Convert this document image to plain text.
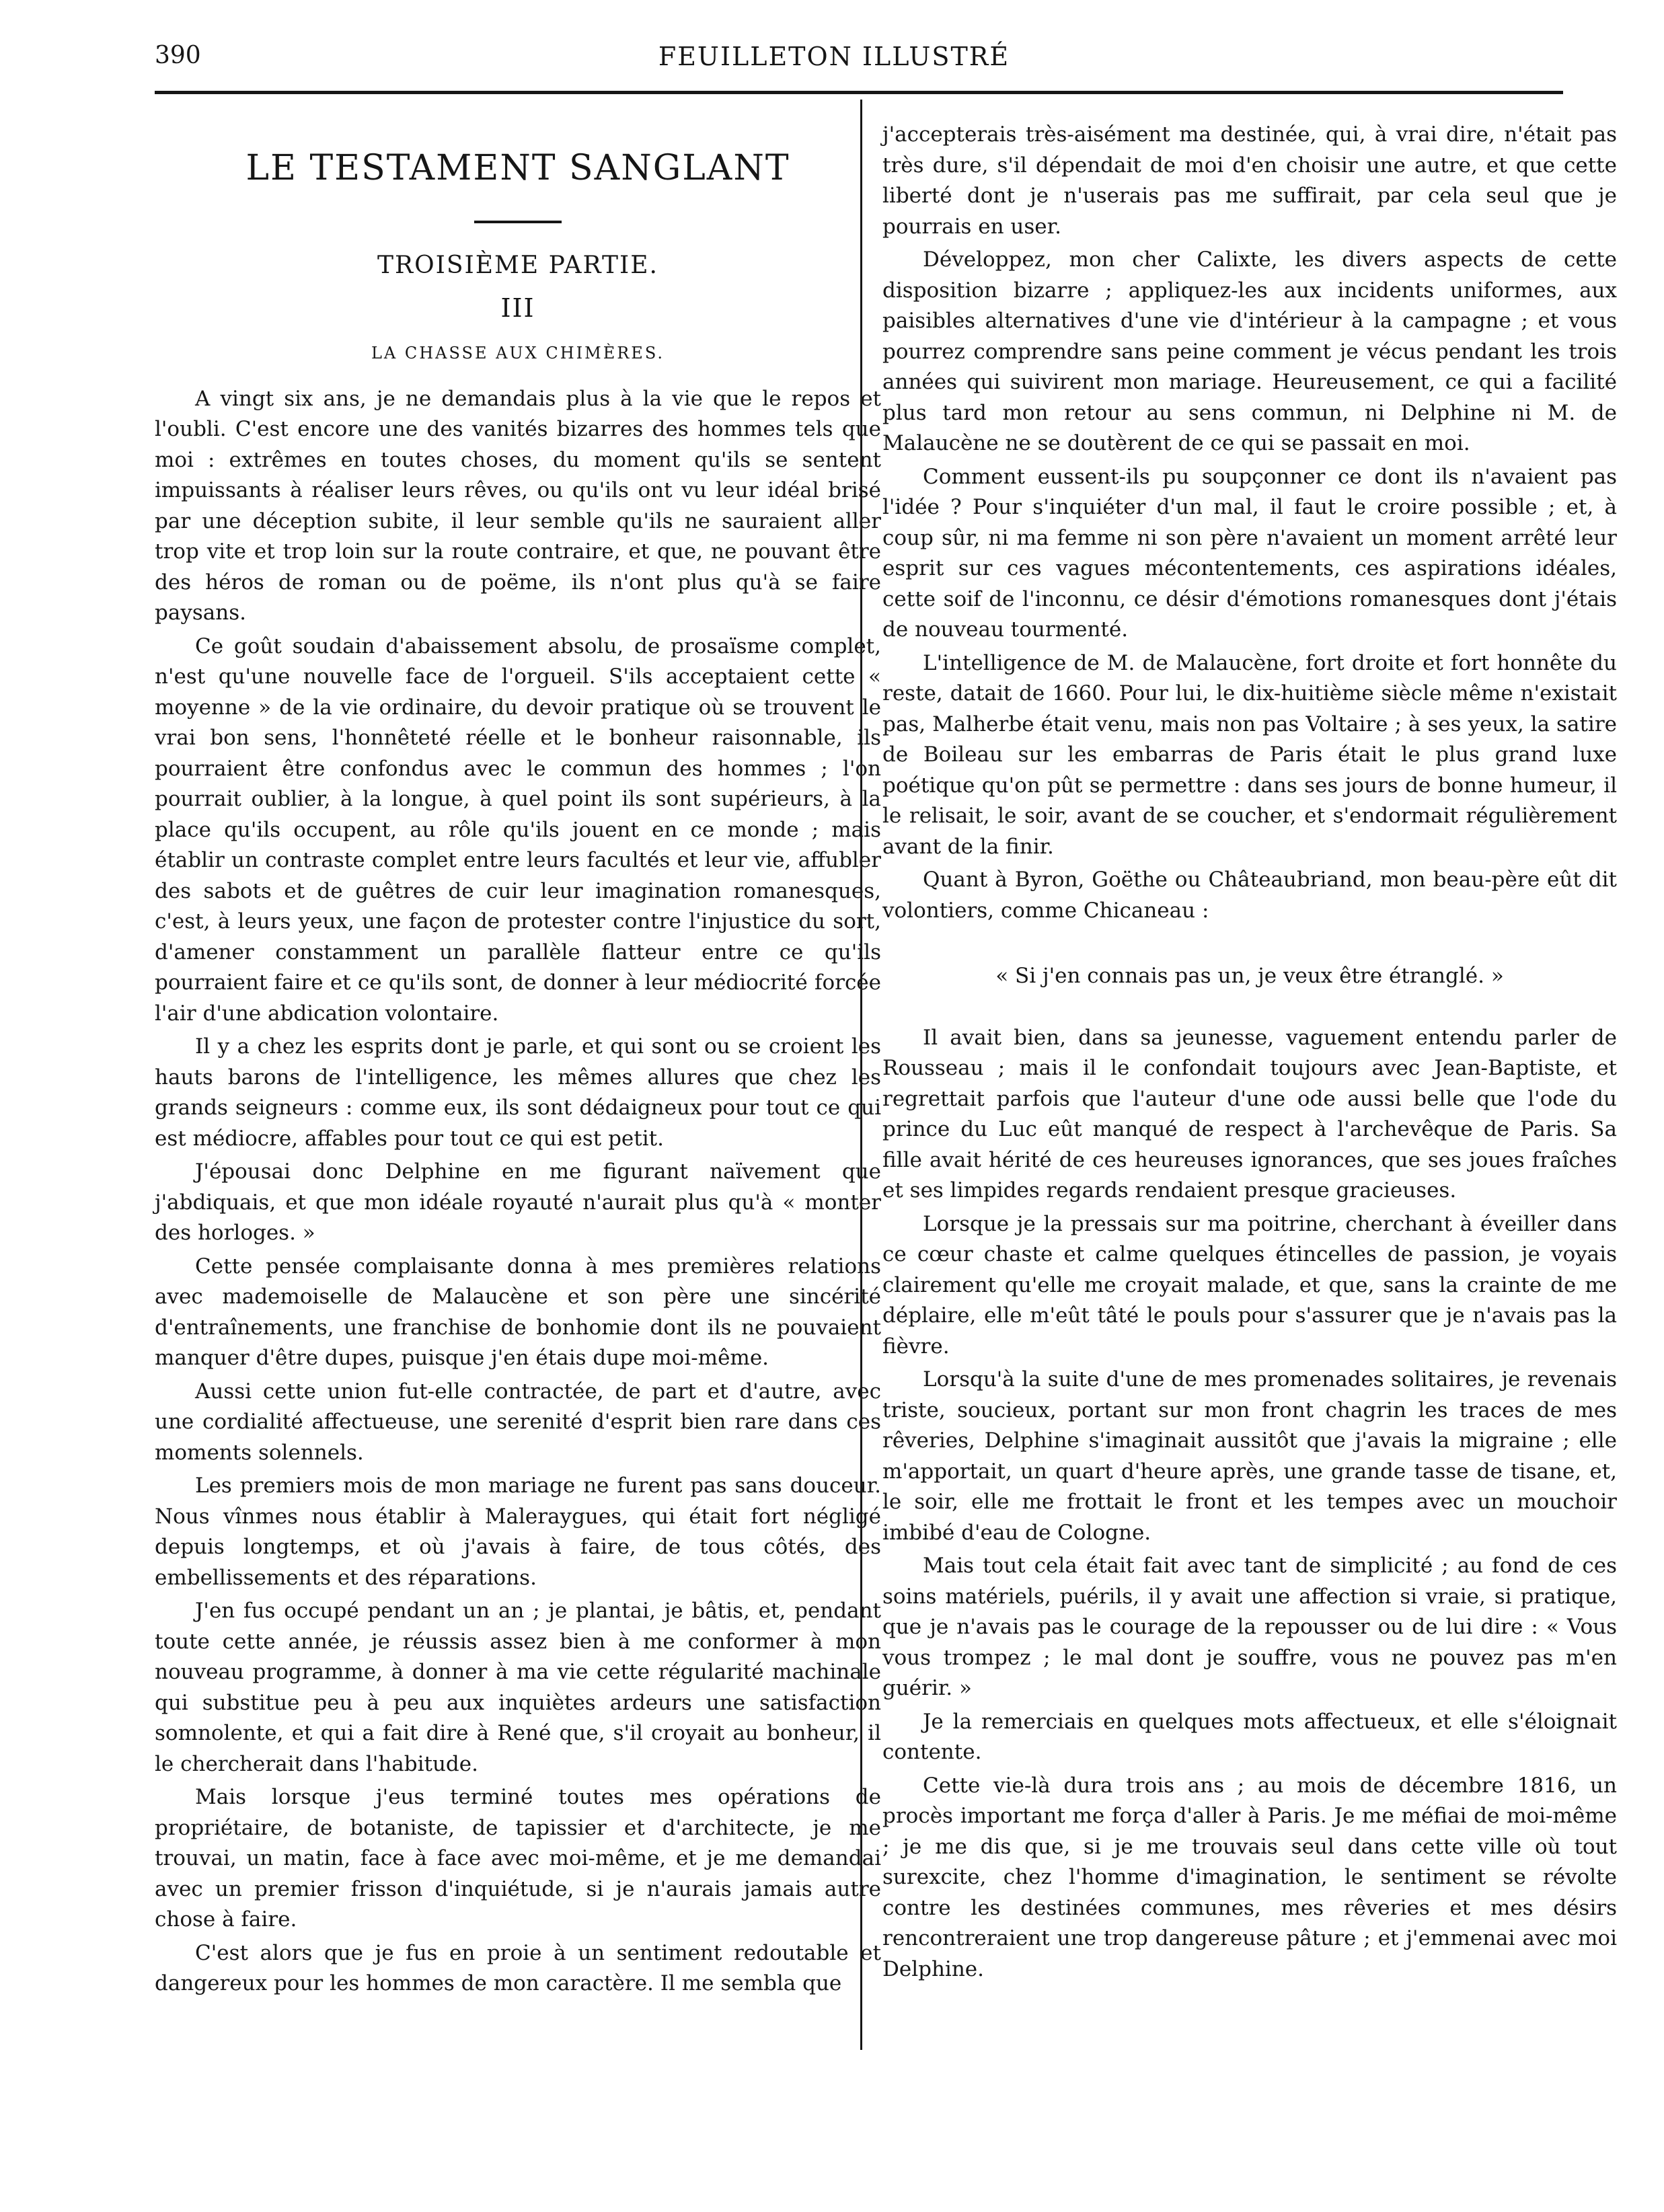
390	FEUILLETON ILLUSTRÉ
LE TESTAMENT SANGLANT
TROISIÈME PARTIE.
III
LA CHASSE AUX CHIMÈRES.

A vingt six ans, je ne demandais plus à la vie que le repos et l'oubli. C'est encore une des vanités bizarres des hommes tels que moi : extrêmes en toutes choses, du moment qu'ils se sentent impuissants à réaliser leurs rêves, ou qu'ils ont vu leur idéal brisé par une déception subite, il leur semble qu'ils ne sauraient aller trop vite et trop loin sur la route contraire, et que, ne pouvant être des héros de roman ou de poëme, ils n'ont plus qu'à se faire paysans.

Ce goût soudain d'abaissement absolu, de prosaïsme complet, n'est qu'une nouvelle face de l'orgueil. S'ils acceptaient cette « moyenne » de la vie ordinaire, du devoir pratique où se trouvent le vrai bon sens, l'honnêteté réelle et le bonheur raisonnable, ils pourraient être confondus avec le commun des hommes ; l'on pourrait oublier, à la longue, à quel point ils sont supérieurs, à la place qu'ils occupent, au rôle qu'ils jouent en ce monde ; mais établir un contraste complet entre leurs facultés et leur vie, affubler des sabots et de guêtres de cuir leur imagination romanesques, c'est, à leurs yeux, une façon de protester contre l'injustice du sort, d'amener constamment un parallèle flatteur entre ce qu'ils pourraient faire et ce qu'ils sont, de donner à leur médiocrité forcée l'air d'une abdication volontaire.

Il y a chez les esprits dont je parle, et qui sont ou se croient les hauts barons de l'intelligence, les mêmes allures que chez les grands seigneurs : comme eux, ils sont dédaigneux pour tout ce qui est médiocre, affables pour tout ce qui est petit.

J'épousai donc Delphine en me figurant naïvement que j'abdiquais, et que mon idéale royauté n'aurait plus qu'à « monter des horloges. »

Cette pensée complaisante donna à mes premières relations avec mademoiselle de Malaucène et son père une sincérité d'entraînements, une franchise de bonhomie dont ils ne pouvaient manquer d'être dupes, puisque j'en étais dupe moi-même.

Aussi cette union fut-elle contractée, de part et d'autre, avec une cordialité affectueuse, une serenité d'esprit bien rare dans ces moments solennels.

Les premiers mois de mon mariage ne furent pas sans douceur. Nous vînmes nous établir à Maleraygues, qui était fort négligé depuis longtemps, et où j'avais à faire, de tous côtés, des embellissements et des réparations.

J'en fus occupé pendant un an ; je plantai, je bâtis, et, pendant toute cette année, je réussis assez bien à me conformer à mon nouveau programme, à donner à ma vie cette régularité machinale qui substitue peu à peu aux inquiètes ardeurs une satisfaction somnolente, et qui a fait dire à René que, s'il croyait au bonheur, il le chercherait dans l'habitude.

Mais lorsque j'eus terminé toutes mes opérations de propriétaire, de botaniste, de tapissier et d'architecte, je me trouvai, un matin, face à face avec moi-même, et je me demandai avec un premier frisson d'inquiétude, si je n'aurais jamais autre chose à faire.

C'est alors que je fus en proie à un sentiment redoutable et dangereux pour les hommes de mon caractère. Il me sembla que

j'accepterais très-aisément ma destinée, qui, à vrai dire, n'était pas très dure, s'il dépendait de moi d'en choisir une autre, et que cette liberté dont je n'userais pas me suffirait, par cela seul que je pourrais en user.

Développez, mon cher Calixte, les divers aspects de cette disposition bizarre ; appliquez-les aux incidents uniformes, aux paisibles alternatives d'une vie d'intérieur à la campagne ; et vous pourrez comprendre sans peine comment je vécus pendant les trois années qui suivirent mon mariage. Heureusement, ce qui a facilité plus tard mon retour au sens commun, ni Delphine ni M. de Malaucène ne se doutèrent de ce qui se passait en moi.

Comment eussent-ils pu soupçonner ce dont ils n'avaient pas l'idée ? Pour s'inquiéter d'un mal, il faut le croire possible ; et, à coup sûr, ni ma femme ni son père n'avaient un moment arrêté leur esprit sur ces vagues mécontentements, ces aspirations idéales, cette soif de l'inconnu, ce désir d'émotions romanesques dont j'étais de nouveau tourmenté.

L'intelligence de M. de Malaucène, fort droite et fort honnête du reste, datait de 1660. Pour lui, le dix-huitième siècle même n'existait pas, Malherbe était venu, mais non pas Voltaire ; à ses yeux, la satire de Boileau sur les embarras de Paris était le plus grand luxe poétique qu'on pût se permettre : dans ses jours de bonne humeur, il le relisait, le soir, avant de se coucher, et s'endormait régulièrement avant de la finir.

Quant à Byron, Goëthe ou Châteaubriand, mon beau-père eût dit volontiers, comme Chicaneau :

« Si j'en connais pas un, je veux être étranglé. »

Il avait bien, dans sa jeunesse, vaguement entendu parler de Rousseau ; mais il le confondait toujours avec Jean-Baptiste, et regrettait parfois que l'auteur d'une ode aussi belle que l'ode du prince du Luc eût manqué de respect à l'archevêque de Paris. Sa fille avait hérité de ces heureuses ignorances, que ses joues fraîches et ses limpides regards rendaient presque gracieuses.

Lorsque je la pressais sur ma poitrine, cherchant à éveiller dans ce cœur chaste et calme quelques étincelles de passion, je voyais clairement qu'elle me croyait malade, et que, sans la crainte de me déplaire, elle m'eût tâté le pouls pour s'assurer que je n'avais pas la fièvre.

Lorsqu'à la suite d'une de mes promenades solitaires, je revenais triste, soucieux, portant sur mon front chagrin les traces de mes rêveries, Delphine s'imaginait aussitôt que j'avais la migraine ; elle m'apportait, un quart d'heure après, une grande tasse de tisane, et, le soir, elle me frottait le front et les tempes avec un mouchoir imbibé d'eau de Cologne.

Mais tout cela était fait avec tant de simplicité ; au fond de ces soins matériels, puérils, il y avait une affection si vraie, si pratique, que je n'avais pas le courage de la repousser ou de lui dire : « Vous vous trompez ; le mal dont je souffre, vous ne pouvez pas m'en guérir. »

Je la remerciais en quelques mots affectueux, et elle s'éloignait contente.

Cette vie-là dura trois ans ; au mois de décembre 1816, un procès important me força d'aller à Paris. Je me méfiai de moi-même ; je me dis que, si je me trouvais seul dans cette ville où tout surexcite, chez l'homme d'imagination, le sentiment se révolte contre les destinées communes, mes rêveries et mes désirs rencontreraient une trop dangereuse pâture ; et j'emmenai avec moi Delphine.
